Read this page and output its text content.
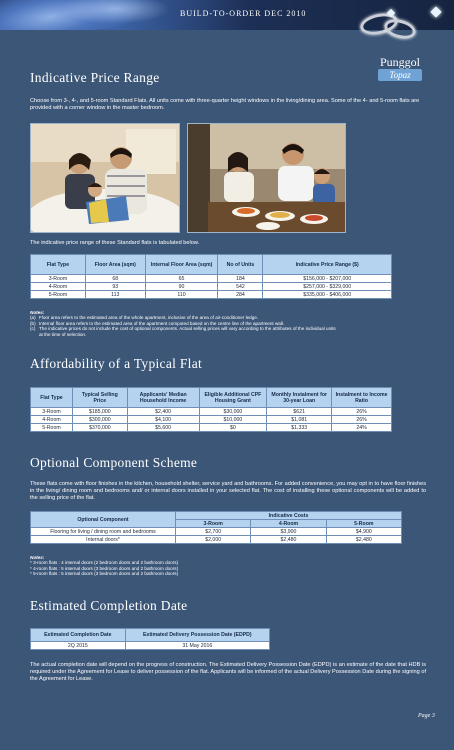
BUILD-TO-ORDER DEC 2010
Punggol
Topaz
Indicative Price Range
Choose from 3-, 4-, and 5-room Standard Flats. All units come with three-quarter height windows in the living/dining area. Some of the 4- and 5-room flats are provided with a corner window in the master bedroom.
The indicative price range of these Standard flats is tabulated below.
Flat Type	Floor Area (sqm)	Internal Floor Area (sqm)	No of Units	Indicative Price Range ($)
3-Room	68	65	184	$156,000 - $207,000
4-Room	93	90	542	$257,000 - $329,000
5-Room	113	110	284	$335,000 - $406,000
Notes:
(a) Floor area refers to the estimated area of the whole apartment, inclusive of the area of air-conditioner ledge.
(b) Internal floor area refers to the estimated area of the apartment computed based on the centre line of the apartment wall.
(c) The indicative prices do not include the cost of optional components. Actual selling prices will vary according to the attributes of the individual units at the time of selection.
Affordability of a Typical Flat
Flat Type	Typical Selling Price	Applicants' Median Household Income	Eligible Additional CPF Housing Grant	Monthly Instalment for 30-year Loan	Instalment to Income Ratio
3-Room	$185,000	$2,400	$30,000	$621	26%
4-Room	$300,000	$4,100	$10,000	$1,081	26%
5-Room	$370,000	$5,600	$0	$1,333	24%
Optional Component Scheme
These flats come with floor finishes in the kitchen, household shelter, service yard and bathrooms. For added convenience, you may opt in to have floor finishes in the living/ dining room and bedrooms and/ or internal doors installed in your selected flat. The cost of installing these optional components will be added to the selling price of the flat.
Optional Component	Indicative Costs		
	3-Room	4-Room	5-Room
Flooring for living / dining room and bedrooms	$2,700	$3,900	$4,900
Internal doors*	$2,000	$2,480	$2,480
Notes:
* 3-room flats : 4 internal doors (2 bedroom doors and 2 bathroom doors)
* 4-room flats : 5 internal doors (3 bedroom doors and 2 bathroom doors)
* 5-room flats : 5 internal doors (3 bedroom doors and 2 bathroom doors)
Estimated Completion Date
Estimated Completion Date	Estimated Delivery Possession Date (EDPD)
2Q 2015	31 May 2016
The actual completion date will depend on the progress of construction. The Estimated Delivery Possession Date (EDPD) is an estimate of the date that HDB is required under the Agreement for Lease to deliver possession of the flat. Applicants will be informed of the actual Delivery Possession Date during the signing of the Agreement for Lease.
Page 3
